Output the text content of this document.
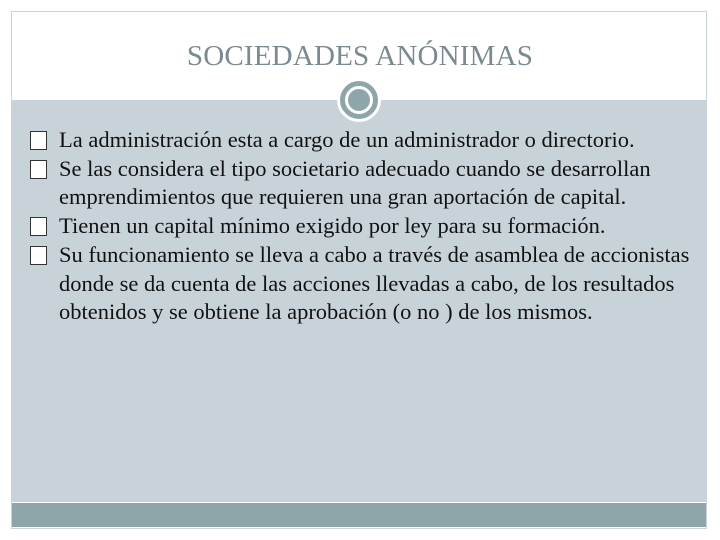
SOCIEDADES ANÓNIMAS
La administración esta a cargo de un administrador o directorio.
Se las considera el tipo societario adecuado cuando se desarrollan emprendimientos que requieren una gran aportación de capital.
Tienen un capital mínimo exigido por ley para su formación.
Su funcionamiento se lleva a cabo a través de asamblea de accionistas donde se da cuenta de las acciones llevadas a cabo, de los resultados obtenidos y se obtiene la aprobación (o no ) de los mismos.
